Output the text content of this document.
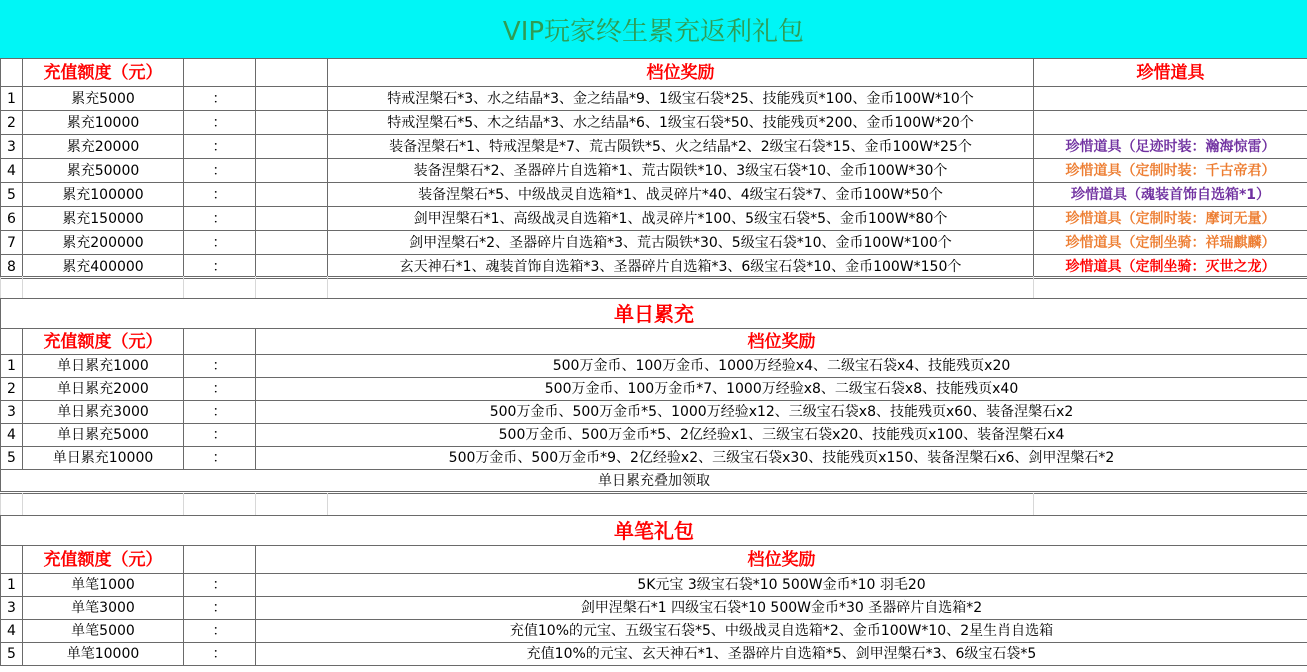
VIP玩家终生累充返利礼包
	充值额度（元）			档位奖励	珍惜道具
1	累充5000	：		特戒涅槃石*3、水之结晶*3、金之结晶*9、1级宝石袋*25、技能残页*100、金币100W*10个	
2	累充10000	：		特戒涅槃石*5、木之结晶*3、水之结晶*6、1级宝石袋*50、技能残页*200、金币100W*20个	
3	累充20000	：		装备涅槃石*1、特戒涅槃是*7、荒古陨铁*5、火之结晶*2、2级宝石袋*15、金币100W*25个	珍惜道具（足迹时装：瀚海惊雷）
4	累充50000	：		装备涅槃石*2、圣器碎片自选箱*1、荒古陨铁*10、3级宝石袋*10、金币100W*30个	珍惜道具（定制时装：千古帝君）
5	累充100000	：		装备涅槃石*5、中级战灵自选箱*1、战灵碎片*40、4级宝石袋*7、金币100W*50个	珍惜道具（魂装首饰自选箱*1）
6	累充150000	：		剑甲涅槃石*1、高级战灵自选箱*1、战灵碎片*100、5级宝石袋*5、金币100W*80个	珍惜道具（定制时装：摩诃无量）
7	累充200000	：		剑甲涅槃石*2、圣器碎片自选箱*3、荒古陨铁*30、5级宝石袋*10、金币100W*100个	珍惜道具（定制坐骑：祥瑞麒麟）
8	累充400000	：		玄天神石*1、魂装首饰自选箱*3、圣器碎片自选箱*3、6级宝石袋*10、金币100W*150个	珍惜道具（定制坐骑：灭世之龙）

单日累充			
	充值额度（元）		档位奖励
1	单日累充1000	：	500万金币、100万金币、1000万经验x4、二级宝石袋x4、技能残页x20
2	单日累充2000	：	500万金币、100万金币*7、1000万经验x8、二级宝石袋x8、技能残页x40
3	单日累充3000	：	500万金币、500万金币*5、1000万经验x12、三级宝石袋x8、技能残页x60、装备涅槃石x2
4	单日累充5000	：	500万金币、500万金币*5、2亿经验x1、三级宝石袋x20、技能残页x100、装备涅槃石x4
5	单日累充10000	：	500万金币、500万金币*9、2亿经验x2、三级宝石袋x30、技能残页x150、装备涅槃石x6、剑甲涅槃石*2
单日累充叠加领取			

单笔礼包			
	充值额度（元）		档位奖励
1	单笔1000	：	5K元宝 3级宝石袋*10 500W金币*10 羽毛20
3	单笔3000	：	剑甲涅槃石*1 四级宝石袋*10 500W金币*30 圣器碎片自选箱*2
4	单笔5000	：	充值10%的元宝、五级宝石袋*5、中级战灵自选箱*2、金币100W*10、2星生肖自选箱
5	单笔10000	：	充值10%的元宝、玄天神石*1、圣器碎片自选箱*5、剑甲涅槃石*3、6级宝石袋*5
